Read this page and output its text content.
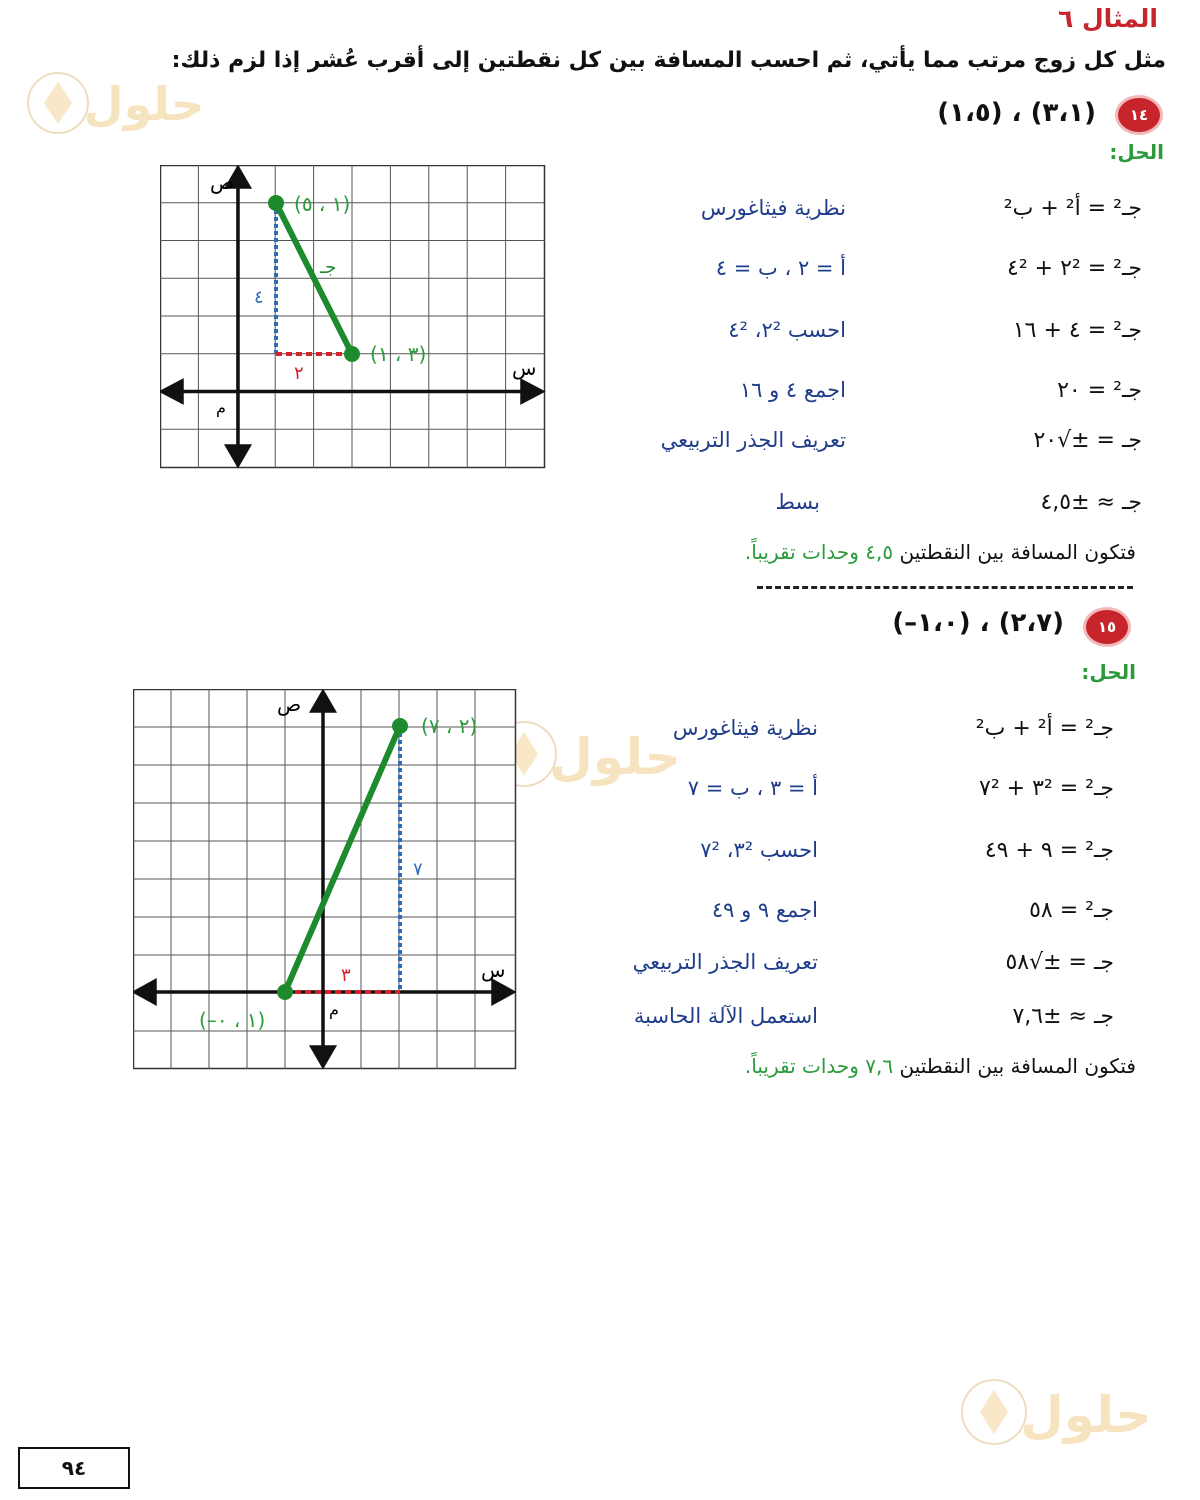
المثال ٦
مثل كل زوج مرتب مما يأتي، ثم احسب المسافة بين كل نقطتين إلى أقرب عُشر إذا لزم ذلك:
حلول
حلول
حلول
١٤
(١،٥) ، (٣،١)
الحل:
جـ² = أ² + ب²
نظرية فيثاغورس
جـ² = ٢² + ٤²
أ = ٢ ، ب = ٤
جـ² = ٤ + ١٦
احسب ٢²، ٤²
جـ² = ٢٠
اجمع ٤ و ١٦
جـ = ±√٢٠
تعريف الجذر التربيعي
جـ ≈ ±٤,٥
بسط
فتكون المسافة بين النقطتين ٤,٥ وحدات تقريباً.
ص
س
م
(١ ، ٥)
(٣ ، ١)
جـ
٤
٢
١٥
(–١،٠) ، (٢،٧)
الحل:
جـ² = أ² + ب²
نظرية فيثاغورس
جـ² = ٣² + ٧²
أ = ٣ ، ب = ٧
جـ² = ٩ + ٤٩
احسب ٣²، ٧²
جـ² = ٥٨
اجمع ٩ و ٤٩
جـ = ±√٥٨
تعريف الجذر التربيعي
جـ ≈ ±٧,٦
استعمل الآلة الحاسبة
فتكون المسافة بين النقطتين ٧,٦ وحدات تقريباً.
ص
س
م
(٢ ، ٧)
(–١ ، ٠)
٧
٣
٩٤
